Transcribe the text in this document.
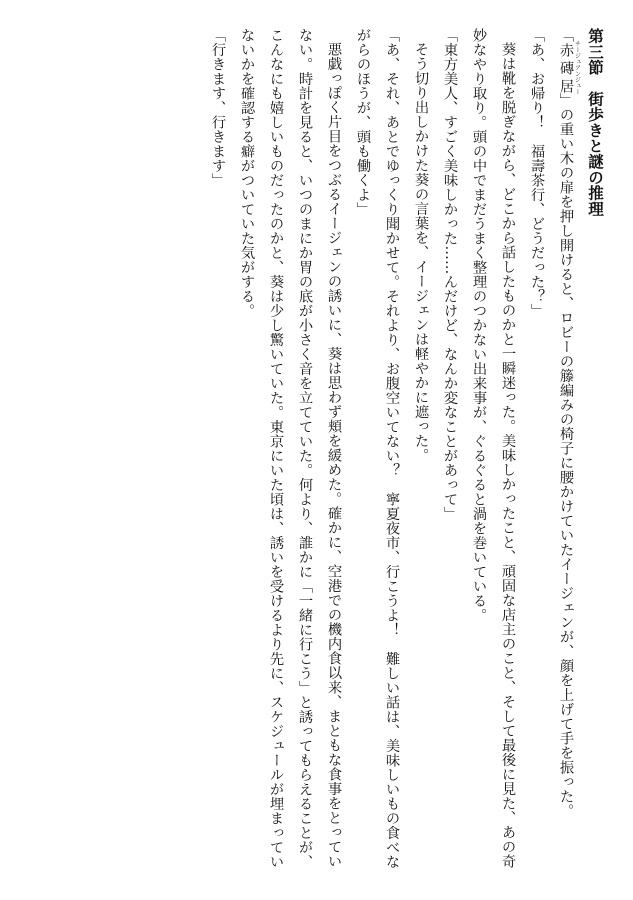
第三節　街歩きと謎の推理

「赤磚居 チージュアンジュー」の重い木の扉を押し開けると、ロビーの籐編みの椅子に腰かけていたイージェンが、顔を上げて手を振った。

「あ、お帰り！　福壽茶行、どうだった？」

葵は靴を脱ぎながら、どこから話したものかと一瞬迷った。美味しかったこと、頑固な店主のこと、そして最後に見た、あの奇妙なやり取り。頭の中でまだうまく整理のつかない出来事が、ぐるぐると渦を巻いている。

「東方美人、すごく美味しかった……んだけど、なんか変なことがあって」

そう切り出しかけた葵の言葉を、イージェンは軽やかに遮った。

「あ、それ、あとでゆっくり聞かせて。それより、お腹空いてない？　寧夏夜市、行こうよ！　難しい話は、美味しいもの食べながらのほうが、頭も働くよ」

悪戯っぽく片目をつぶるイージェンの誘いに、葵は思わず頬を緩めた。確かに、空港での機内食以来、まともな食事をとっていない。時計を見ると、いつのまにか胃の底が小さく音を立てていた。何より、誰かに「一緒に行こう」と誘ってもらえることが、こんなにも嬉しいものだったのかと、葵は少し驚いていた。東京にいた頃は、誘いを受けるより先に、スケジュールが埋まっていないかを確認する癖がついていた気がする。

「行きます、行きます」
